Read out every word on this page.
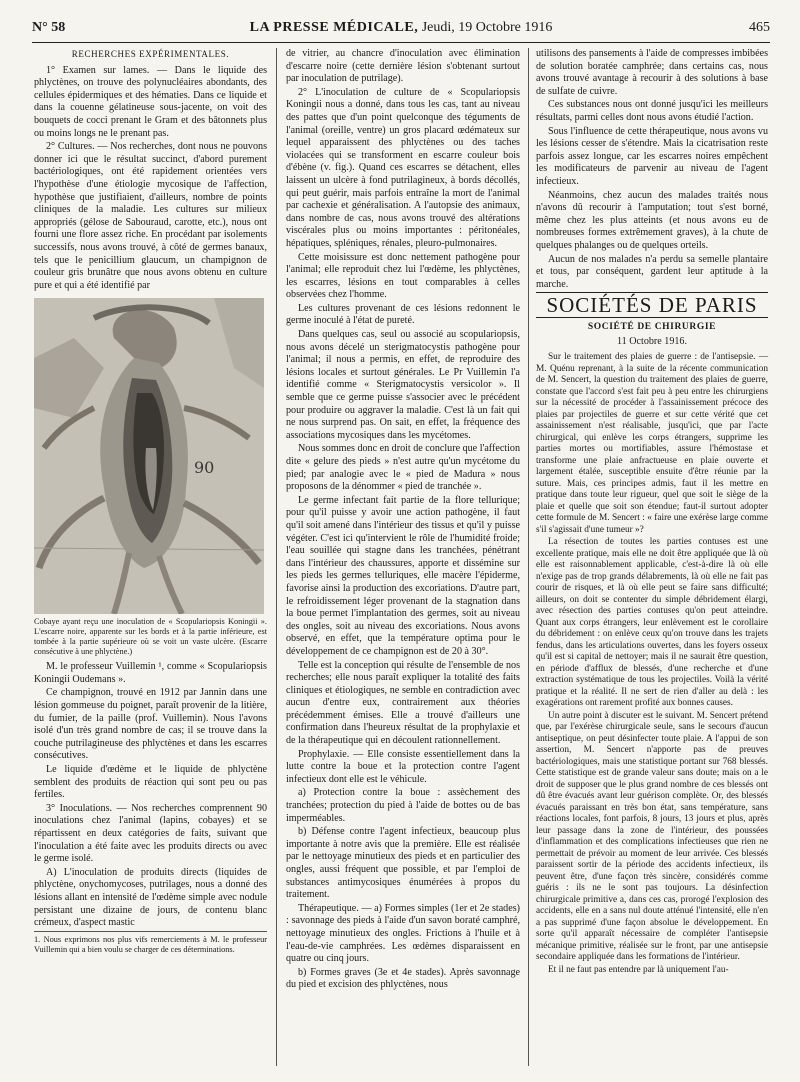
N° 58	LA PRESSE MÉDICALE, Jeudi, 19 Octobre 1916	465

RECHERCHES EXPÉRIMENTALES.

1° Examen sur lames. — Dans le liquide des phlyctènes, on trouve des polynucléaires abondants, des cellules épidermiques et des hématies. Dans ce liquide et dans la couenne gélatineuse sous-jacente, on voit des bouquets de cocci prenant le Gram et des bâtonnets plus ou moins longs ne le prenant pas.

2° Cultures. — Nos recherches, dont nous ne pouvons donner ici que le résultat succinct, d'abord purement bactériologiques, ont été rapidement orientées vers l'hypothèse d'une étiologie mycosique de l'affection, hypothèse que justifiaient, d'ailleurs, nombre de points cliniques de la maladie. Les cultures sur milieux appropriés (gélose de Sabouraud, carotte, etc.), nous ont fourni une flore assez riche. En procédant par isolements successifs, nous avons trouvé, à côté de germes banaux, tels que le penicillium glaucum, un champignon de couleur gris brunâtre que nous avons obtenu en culture pure et qui a été identifié par

90

Cobaye ayant reçu une inoculation de « Scopulariopsis Koningii ». L'escarre noire, apparente sur les bords et à la partie inférieure, est tombée à la partie supérieure où se voit un vaste ulcère. (Escarre consécutive à une phlyctène.)

M. le professeur Vuillemin ¹, comme « Scopulariopsis Koningii Oudemans ».

Ce champignon, trouvé en 1912 par Jannin dans une lésion gommeuse du poignet, paraît provenir de la litière, du fumier, de la paille (prof. Vuillemin). Nous l'avons isolé d'un très grand nombre de cas; il se trouve dans la couche putrilagineuse des phlyctènes et dans les escarres consécutives.

Le liquide d'œdème et le liquide de phlyctène semblent des produits de réaction qui sont peu ou pas fertiles.

3° Inoculations. — Nos recherches comprennent 90 inoculations chez l'animal (lapins, cobayes) et se répartissent en deux catégories de faits, suivant que l'inoculation a été faite avec les produits directs ou avec le germe isolé.

A) L'inoculation de produits directs (liquides de phlyctène, onychomycoses, putrilages, nous a donné des lésions allant en intensité de l'œdème simple avec nodule persistant une dizaine de jours, de contenu blanc crémeux, d'aspect mastic

1. Nous exprimons nos plus vifs remerciements à M. le professeur Vuillemin qui a bien voulu se charger de ces déterminations.

de vitrier, au chancre d'inoculation avec élimination d'escarre noire (cette dernière lésion s'obtenant surtout par inoculation de putrilage).

2° L'inoculation de culture de « Scopulariopsis Koningii nous a donné, dans tous les cas, tant au niveau des pattes que d'un point quelconque des téguments de l'animal (oreille, ventre) un gros placard œdémateux sur lequel apparaissent des phlyctènes ou des taches violacées qui se transforment en escarre couleur bois d'ébène (v. fig.). Quand ces escarres se détachent, elles laissent un ulcère à fond putrilagineux, à bords décollés, qui peut guérir, mais parfois entraîne la mort de l'animal par cachexie et généralisation. A l'autopsie des animaux, dans nombre de cas, nous avons trouvé des altérations viscérales plus ou moins importantes : péritonéales, hépatiques, spléniques, rénales, pleuro-pulmonaires.

Cette moisissure est donc nettement pathogène pour l'animal; elle reproduit chez lui l'œdème, les phlyctènes, les escarres, lésions en tout comparables à celles observées chez l'homme.

Les cultures provenant de ces lésions redonnent le germe inoculé à l'état de pureté.

Dans quelques cas, seul ou associé au scopulariopsis, nous avons décelé un sterigmatocystis pathogène pour l'animal; il nous a permis, en effet, de reproduire des lésions locales et surtout générales. Le Pr Vuillemin l'a identifié comme « Sterigmatocystis versicolor ». Il semble que ce germe puisse s'associer avec le précédent pour produire ou aggraver la maladie. C'est là un fait qui ne nous surprend pas. On sait, en effet, la fréquence des associations mycosiques dans les mycétomes.

Nous sommes donc en droit de conclure que l'affection dite « gelure des pieds » n'est autre qu'un mycétome du pied; par analogie avec le « pied de Madura » nous proposons de la dénommer « pied de tranchée ».

Le germe infectant fait partie de la flore tellurique; pour qu'il puisse y avoir une action pathogène, il faut qu'il soit amené dans l'intérieur des tissus et qu'il y puisse végéter. C'est ici qu'intervient le rôle de l'humidité froide; l'eau souillée qui stagne dans les tranchées, pénétrant dans l'intérieur des chaussures, apporte et dissémine sur les pieds les germes telluriques, elle macère l'épiderme, favorise ainsi la production des excoriations. D'autre part, le refroidissement léger provenant de la stagnation dans la boue permet l'implantation des germes, soit au niveau des ongles, soit au niveau des excoriations. Nous avons observé, en effet, que la température optima pour le développement de ce champignon est de 20 à 30°.

Telle est la conception qui résulte de l'ensemble de nos recherches; elle nous paraît expliquer la totalité des faits cliniques et étiologiques, ne semble en contradiction avec aucun d'entre eux, contrairement aux théories précédemment émises. Elle a trouvé d'ailleurs une confirmation dans l'heureux résultat de la prophylaxie et de la thérapeutique qui en découlent rationnellement.

Prophylaxie. — Elle consiste essentiellement dans la lutte contre la boue et la protection contre l'agent infectieux dont elle est le véhicule.

a) Protection contre la boue : assèchement des tranchées; protection du pied à l'aide de bottes ou de bas imperméables.

b) Défense contre l'agent infectieux, beaucoup plus importante à notre avis que la première. Elle est réalisée par le nettoyage minutieux des pieds et en particulier des ongles, aussi fréquent que possible, et par l'emploi de substances antimycosiques énumérées à propos du traitement.

Thérapeutique. — a) Formes simples (1er et 2e stades) : savonnage des pieds à l'aide d'un savon boraté camphré, nettoyage minutieux des ongles. Frictions à l'huile et à l'eau-de-vie camphrées. Les œdèmes disparaissent en quatre ou cinq jours.

b) Formes graves (3e et 4e stades). Après savonnage du pied et excision des phlyctènes, nous

utilisons des pansements à l'aide de compresses imbibées de solution boratée camphrée; dans certains cas, nous avons trouvé avantage à recourir à des solutions à base de sulfate de cuivre.

Ces substances nous ont donné jusqu'ici les meilleurs résultats, parmi celles dont nous avons étudié l'action.

Sous l'influence de cette thérapeutique, nous avons vu les lésions cesser de s'étendre. Mais la cicatrisation reste parfois assez longue, car les escarres noires empêchent les modificateurs de parvenir au niveau de l'agent infectieux.

Néanmoins, chez aucun des malades traités nous n'avons dû recourir à l'amputation; tout s'est borné, même chez les plus atteints (et nous avons eu de nombreuses formes extrêmement graves), à la chute de quelques phalanges ou de quelques orteils.

Aucun de nos malades n'a perdu sa semelle plantaire et tous, par conséquent, gardent leur aptitude à la marche.

SOCIÉTÉS DE PARIS

SOCIÉTÉ DE CHIRURGIE

11 Octobre 1916.

Sur le traitement des plaies de guerre : de l'antisepsie. — M. Quénu reprenant, à la suite de la récente communication de M. Sencert, la question du traitement des plaies de guerre, constate que l'accord s'est fait peu à peu entre les chirurgiens sur la nécessité de procéder à l'assainissement précoce des plaies par projectiles de guerre et sur cette vérité que cet assainissement n'est réalisable, jusqu'ici, que par l'acte chirurgical, qui enlève les corps étrangers, supprime les parties mortes ou mortifiables, assure l'hémostase et transforme une plaie anfractueuse en plaie ouverte et largement étalée, susceptible ensuite d'être réunie par la suture. Mais, ces principes admis, faut il les mettre en pratique dans toute leur rigueur, quel que soit le siège de la plaie et quelle que soit son étendue; faut-il surtout adopter cette formule de M. Sencert : « faire une exérèse large comme s'il s'agissait d'une tumeur »?

La résection de toutes les parties contuses est une excellente pratique, mais elle ne doit être appliquée que là où elle est raisonnablement applicable, c'est-à-dire là où elle n'exige pas de trop grands délabrements, là où elle ne fait pas courir de risques, et là où elle peut se faire sans difficulté; ailleurs, on doit se contenter du simple débridement élargi, avec résection des parties contuses qu'on peut atteindre. Quant aux corps étrangers, leur enlèvement est le corollaire du débridement : on enlève ceux qu'on trouve dans les trajets fendus, dans les articulations ouvertes, dans les foyers osseux qu'il est si capital de nettoyer; mais il ne saurait être question, en période d'afflux de blessés, d'une recherche et d'une extraction systématique de tous les projectiles. Voilà la vérité pratique et la réalité. Il ne sert de rien d'aller au delà : les exagérations ont rarement profité aux bonnes causes.

Un autre point à discuter est le suivant. M. Sencert prétend que, par l'exérèse chirurgicale seule, sans le secours d'aucun antiseptique, on peut désinfecter toute plaie. A l'appui de son assertion, M. Sencert n'apporte pas de preuves bactériologiques, mais une statistique portant sur 768 blessés. Cette statistique est de grande valeur sans doute; mais on a le droit de supposer que le plus grand nombre de ces blessés ont dû être évacués avant leur guérison complète. Or, des blessés évacués paraissant en très bon état, sans température, sans réactions locales, font parfois, 8 jours, 13 jours et plus, après leur passage dans la zone de l'intérieur, des poussées d'inflammation et des complications infectieuses que rien ne permettait de prévoir au moment de leur arrivée. Ces blessés paraissent sortir de la période des accidents infectieux, ils peuvent être, d'une façon très sincère, considérés comme guéris : ils ne le sont pas toujours. La désinfection chirurgicale primitive a, dans ces cas, prorogé l'explosion des accidents, elle en a sans nul doute atténué l'intensité, elle n'en a pas supprimé d'une façon absolue le développement. En sorte qu'il apparaît nécessaire de compléter l'antisepsie mécanique primitive, réalisée sur le front, par une antisepsie secondaire appliquée dans les formations de l'intérieur.

Et il ne faut pas entendre par là uniquement l'au-
